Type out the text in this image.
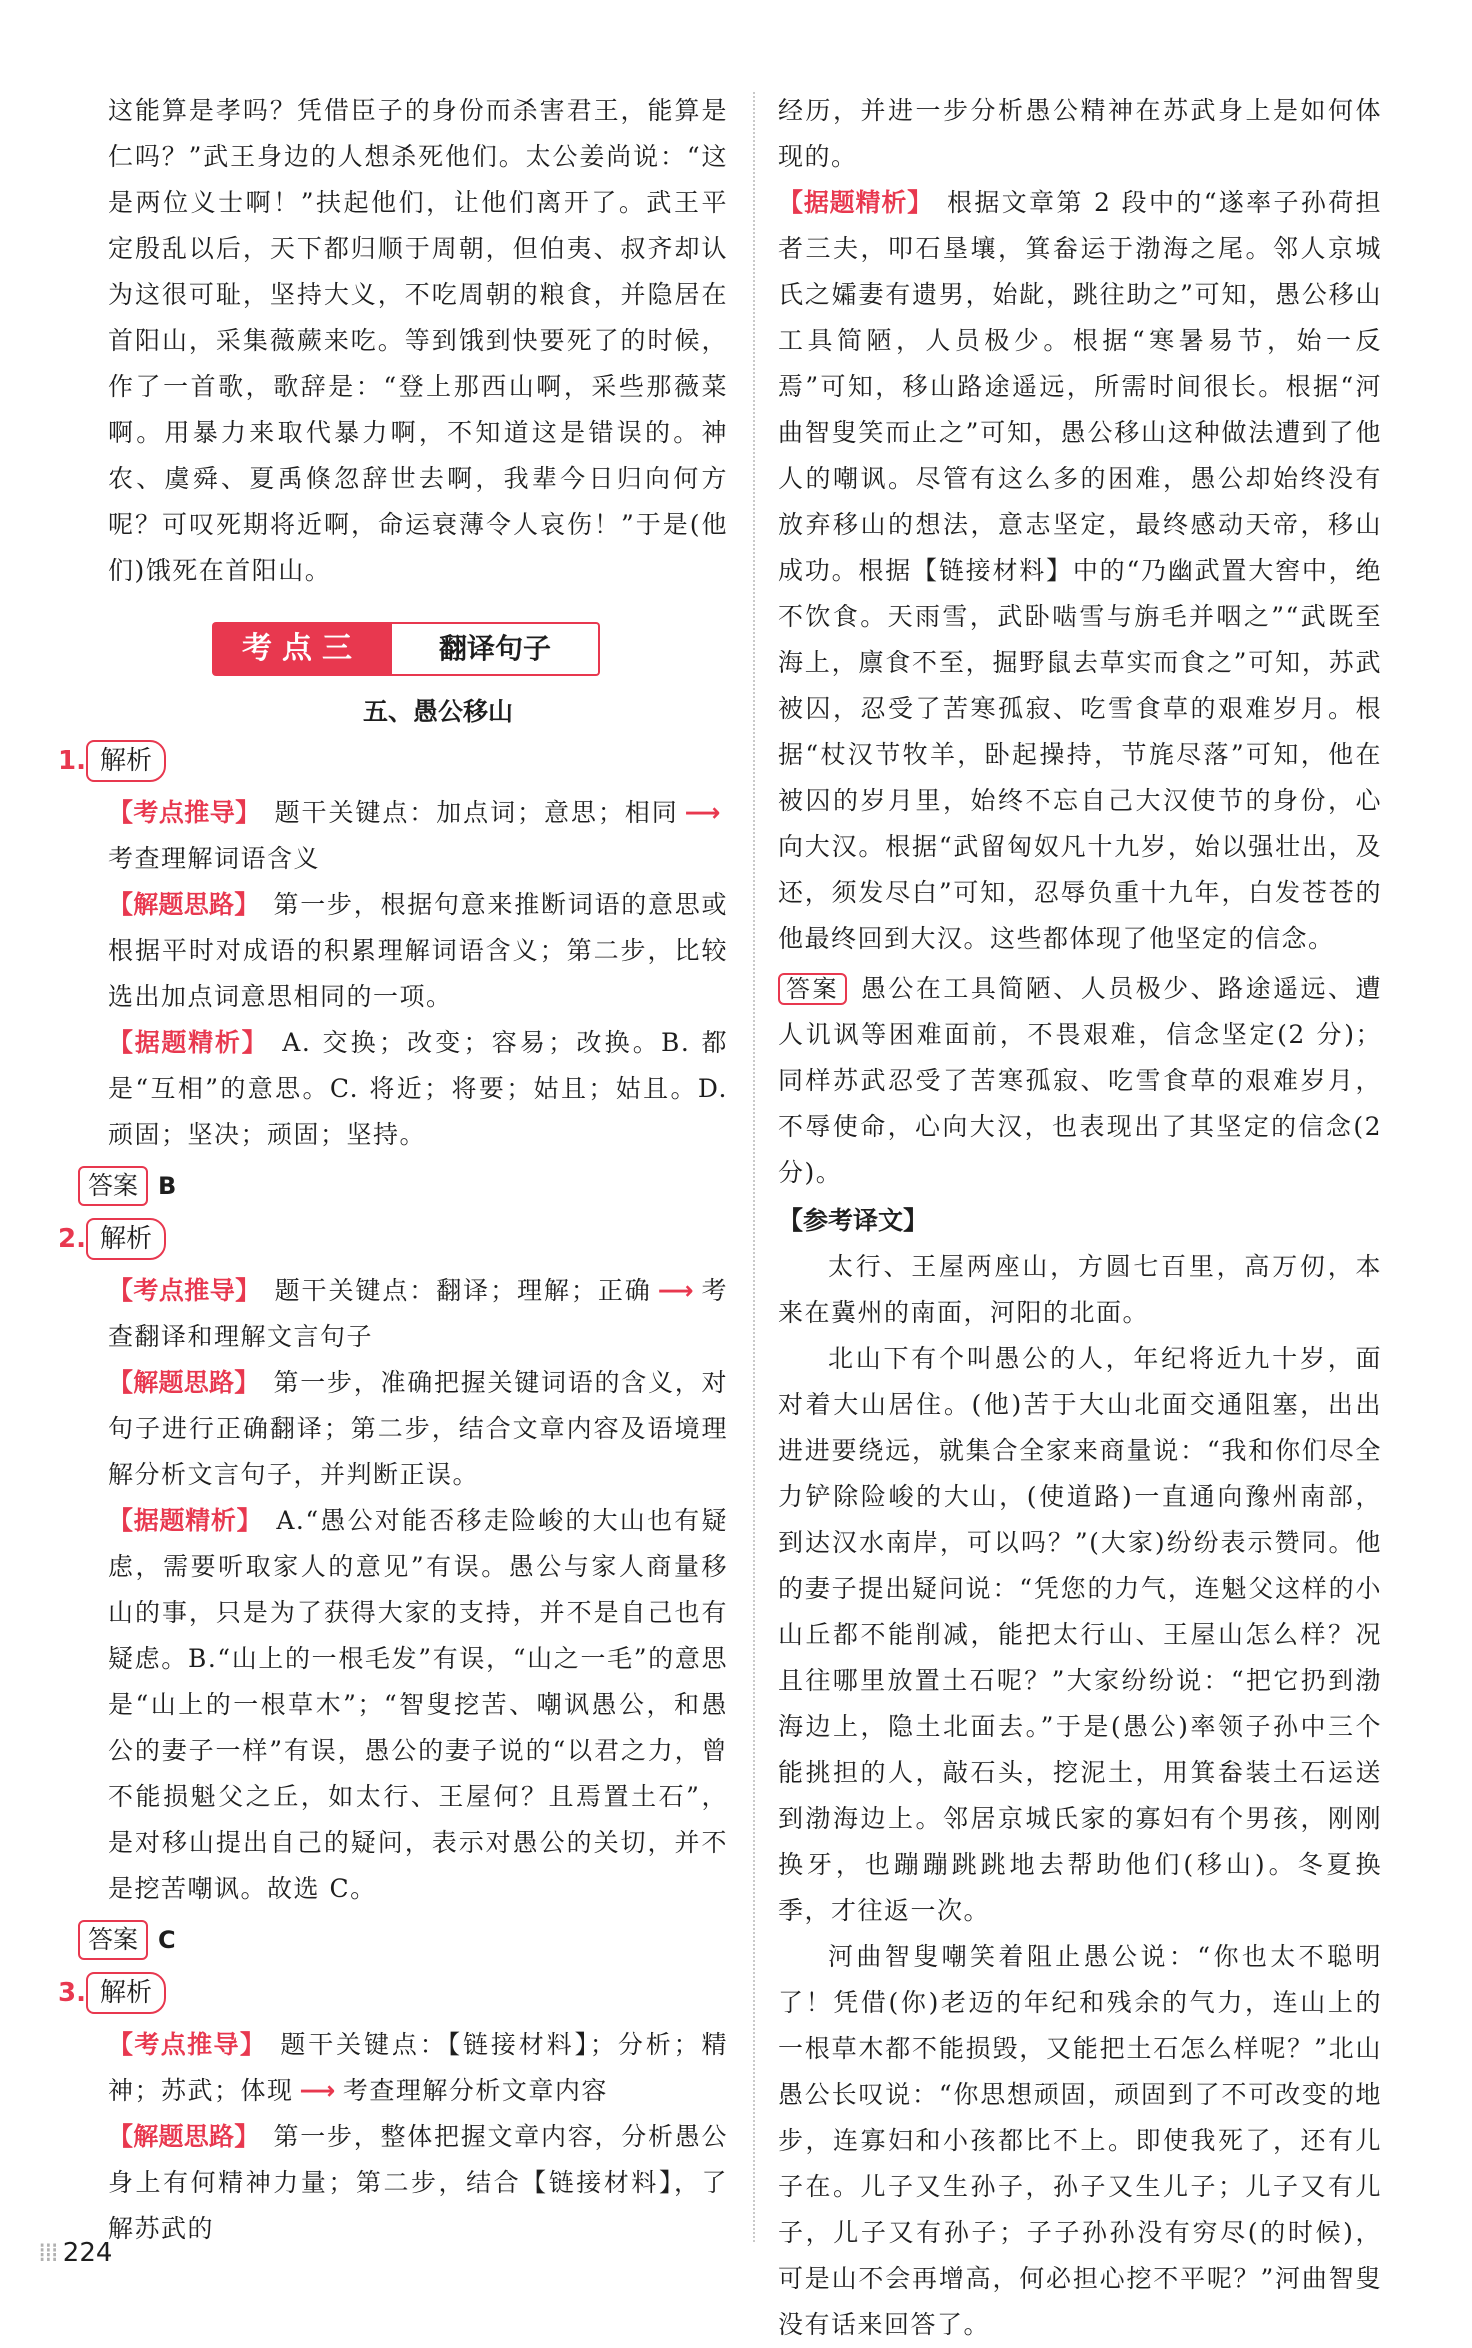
这能算是孝吗？凭借臣子的身份而杀害君王，能算是仁吗？”武王身边的人想杀死他们。太公姜尚说：“这是两位义士啊！”扶起他们，让他们离开了。武王平定殷乱以后，天下都归顺于周朝，但伯夷、叔齐却认为这很可耻，坚持大义，不吃周朝的粮食，并隐居在首阳山，采集薇蕨来吃。等到饿到快要死了的时候，作了一首歌，歌辞是：“登上那西山啊，采些那薇菜啊。用暴力来取代暴力啊，不知道这是错误的。神农、虞舜、夏禹倏忽辞世去啊，我辈今日归向何方呢？可叹死期将近啊，命运衰薄令人哀伤！”于是(他们)饿死在首阳山。

考点三	翻译句子
五、愚公移山
1. 解析

【考点推导】 题干关键点：加点词；意思；相同 ⟶考查理解词语含义

【解题思路】 第一步，根据句意来推断词语的意思或根据平时对成语的积累理解词语含义；第二步，比较选出加点词意思相同的一项。

【据题精析】 A. 交换；改变；容易；改换。B. 都是“互相”的意思。C. 将近；将要；姑且；姑且。D. 顽固；坚决；顽固；坚持。

答案 B
2. 解析

【考点推导】 题干关键点：翻译；理解；正确 ⟶ 考查翻译和理解文言句子

【解题思路】 第一步，准确把握关键词语的含义，对句子进行正确翻译；第二步，结合文章内容及语境理解分析文言句子，并判断正误。

【据题精析】 A.“愚公对能否移走险峻的大山也有疑虑，需要听取家人的意见”有误。愚公与家人商量移山的事，只是为了获得大家的支持，并不是自己也有疑虑。B.“山上的一根毛发”有误，“山之一毛”的意思是“山上的一根草木”；“智叟挖苦、嘲讽愚公，和愚公的妻子一样”有误，愚公的妻子说的“以君之力，曾不能损魁父之丘，如太行、王屋何？且焉置土石”，是对移山提出自己的疑问，表示对愚公的关切，并不是挖苦嘲讽。故选 C。

答案 C
3. 解析

【考点推导】 题干关键点：【链接材料】；分析；精神；苏武；体现 ⟶ 考查理解分析文章内容

【解题思路】 第一步，整体把握文章内容，分析愚公身上有何精神力量；第二步，结合【链接材料】，了解苏武的

经历，并进一步分析愚公精神在苏武身上是如何体现的。

【据题精析】 根据文章第 2 段中的“遂率子孙荷担者三夫，叩石垦壤，箕畚运于渤海之尾。邻人京城氏之孀妻有遗男，始龀，跳往助之”可知，愚公移山工具简陋，人员极少。根据“寒暑易节，始一反焉”可知，移山路途遥远，所需时间很长。根据“河曲智叟笑而止之”可知，愚公移山这种做法遭到了他人的嘲讽。尽管有这么多的困难，愚公却始终没有放弃移山的想法，意志坚定，最终感动天帝，移山成功。根据【链接材料】中的“乃幽武置大窖中，绝不饮食。天雨雪，武卧啮雪与旃毛并咽之”“武既至海上，廪食不至，掘野鼠去草实而食之”可知，苏武被囚，忍受了苦寒孤寂、吃雪食草的艰难岁月。根据“杖汉节牧羊，卧起操持，节旄尽落”可知，他在被囚的岁月里，始终不忘自己大汉使节的身份，心向大汉。根据“武留匈奴凡十九岁，始以强壮出，及还，须发尽白”可知，忍辱负重十九年，白发苍苍的他最终回到大汉。这些都体现了他坚定的信念。

答案 愚公在工具简陋、人员极少、路途遥远、遭人讥讽等困难面前，不畏艰难，信念坚定(2 分)；同样苏武忍受了苦寒孤寂、吃雪食草的艰难岁月，不辱使命，心向大汉，也表现出了其坚定的信念(2 分)。

【参考译文】

太行、王屋两座山，方圆七百里，高万仞，本来在冀州的南面，河阳的北面。

北山下有个叫愚公的人，年纪将近九十岁，面对着大山居住。(他)苦于大山北面交通阻塞，出出进进要绕远，就集合全家来商量说：“我和你们尽全力铲除险峻的大山，(使道路)一直通向豫州南部，到达汉水南岸，可以吗？”(大家)纷纷表示赞同。他的妻子提出疑问说：“凭您的力气，连魁父这样的小山丘都不能削减，能把太行山、王屋山怎么样？况且往哪里放置土石呢？”大家纷纷说：“把它扔到渤海边上，隐土北面去。”于是(愚公)率领子孙中三个能挑担的人，敲石头，挖泥土，用箕畚装土石运送到渤海边上。邻居京城氏家的寡妇有个男孩，刚刚换牙，也蹦蹦跳跳地去帮助他们(移山)。冬夏换季，才往返一次。

河曲智叟嘲笑着阻止愚公说：“你也太不聪明了！凭借(你)老迈的年纪和残余的气力，连山上的一根草木都不能损毁，又能把土石怎么样呢？”北山愚公长叹说：“你思想顽固，顽固到了不可改变的地步，连寡妇和小孩都比不上。即使我死了，还有儿子在。儿子又生孙子，孙子又生儿子；儿子又有儿子，儿子又有孙子；子子孙孙没有穷尽(的时候)，可是山不会再增高，何必担心挖不平呢？”河曲智叟没有话来回答了。

⁞⁞⁞ 224
